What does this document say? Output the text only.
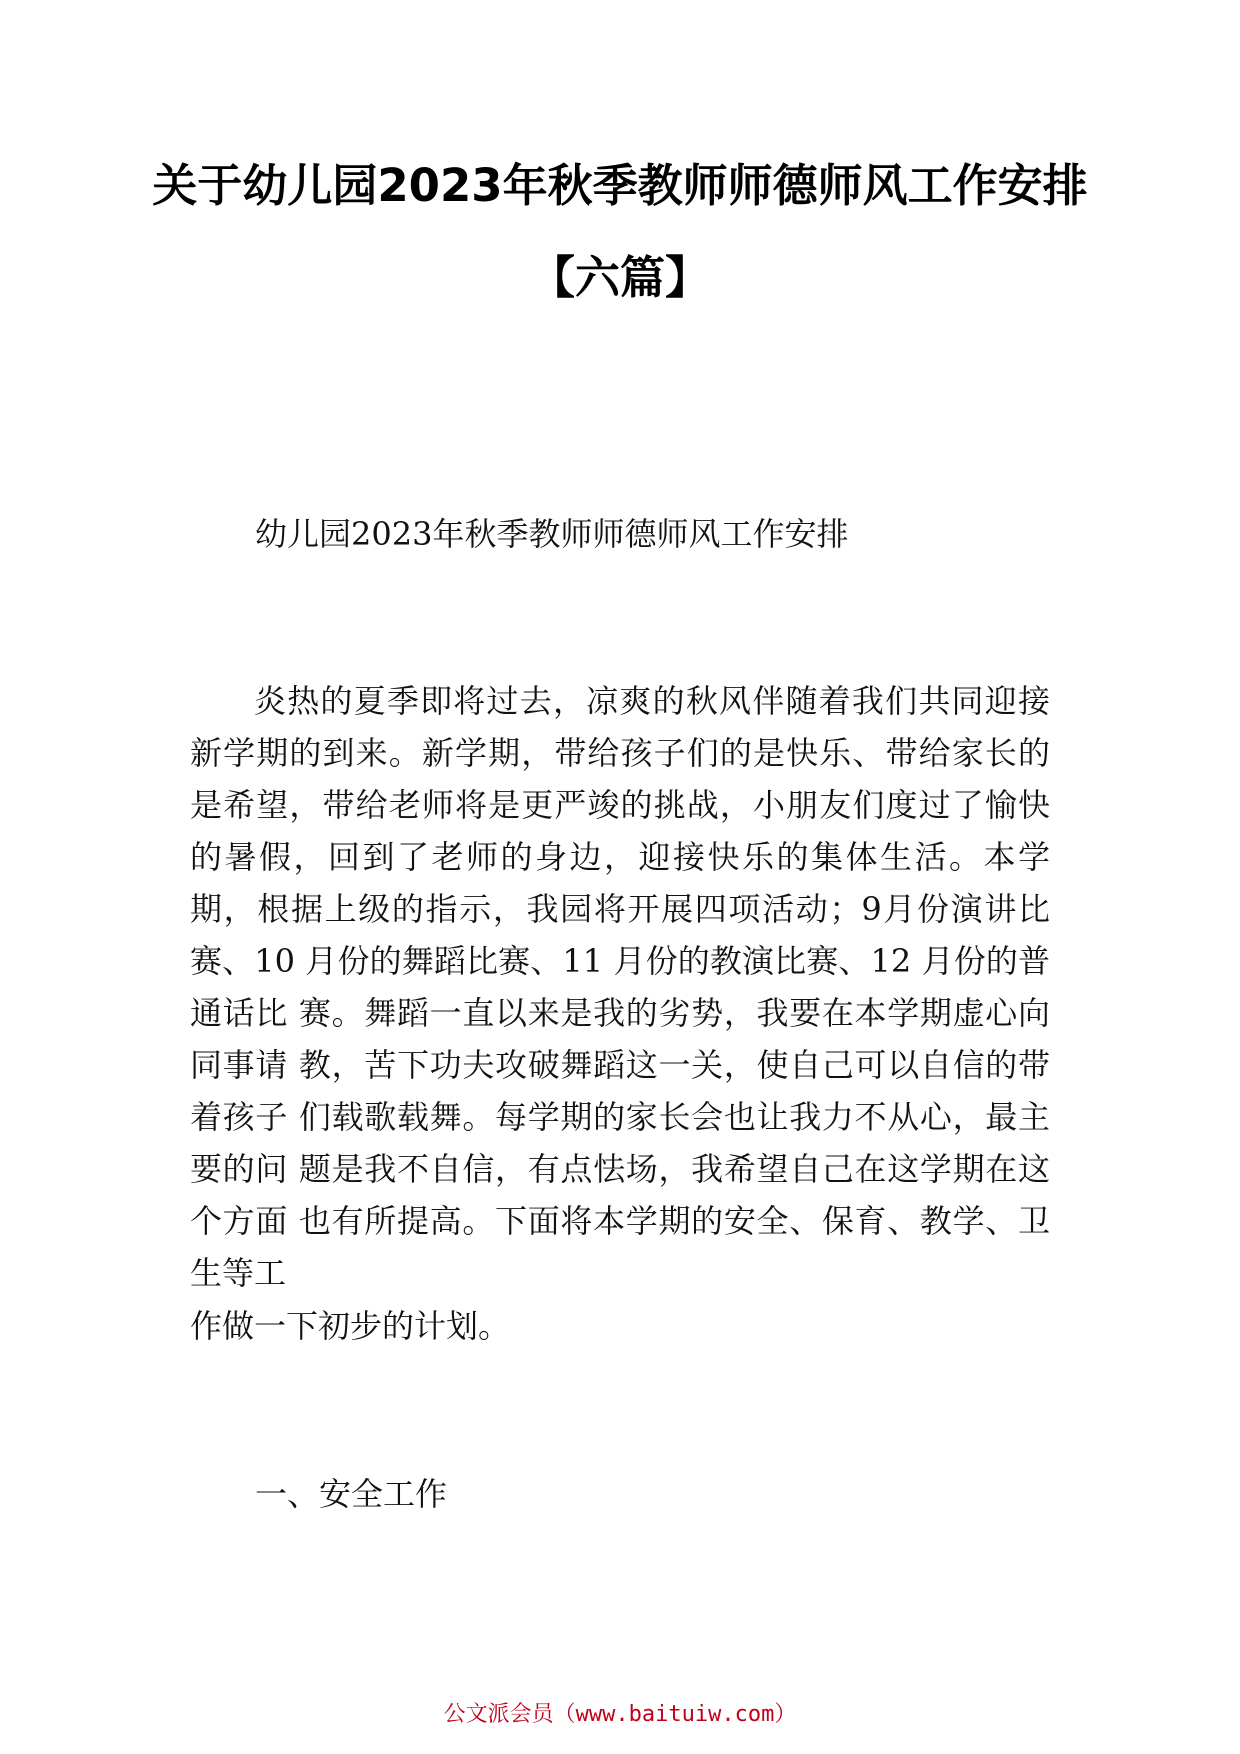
关于幼儿园2023年秋季教师师德师风工作安排【六篇】

幼儿园2023年秋季教师师德师风工作安排

炎热的夏季即将过去，凉爽的秋风伴随着我们共同迎接新学期的到来。新学期，带给孩子们的是快乐、带给家长的是希望，带给老师将是更严竣的挑战，小朋友们度过了愉快的暑假，回到了老师的身边，迎接快乐的集体生活。本学期，根据上级的指示，我园将开展四项活动；9月份演讲比赛、10 月份的舞蹈比赛、11 月份的教演比赛、12 月份的普通话比 赛。舞蹈一直以来是我的劣势，我要在本学期虚心向同事请 教，苦下功夫攻破舞蹈这一关，使自己可以自信的带着孩子 们载歌载舞。每学期的家长会也让我力不从心，最主要的问 题是我不自信，有点怯场，我希望自己在这学期在这个方面 也有所提高。下面将本学期的安全、保育、教学、卫生等工

作做一下初步的计划。

一、安全工作

公文派会员（www.baituiw.com）
